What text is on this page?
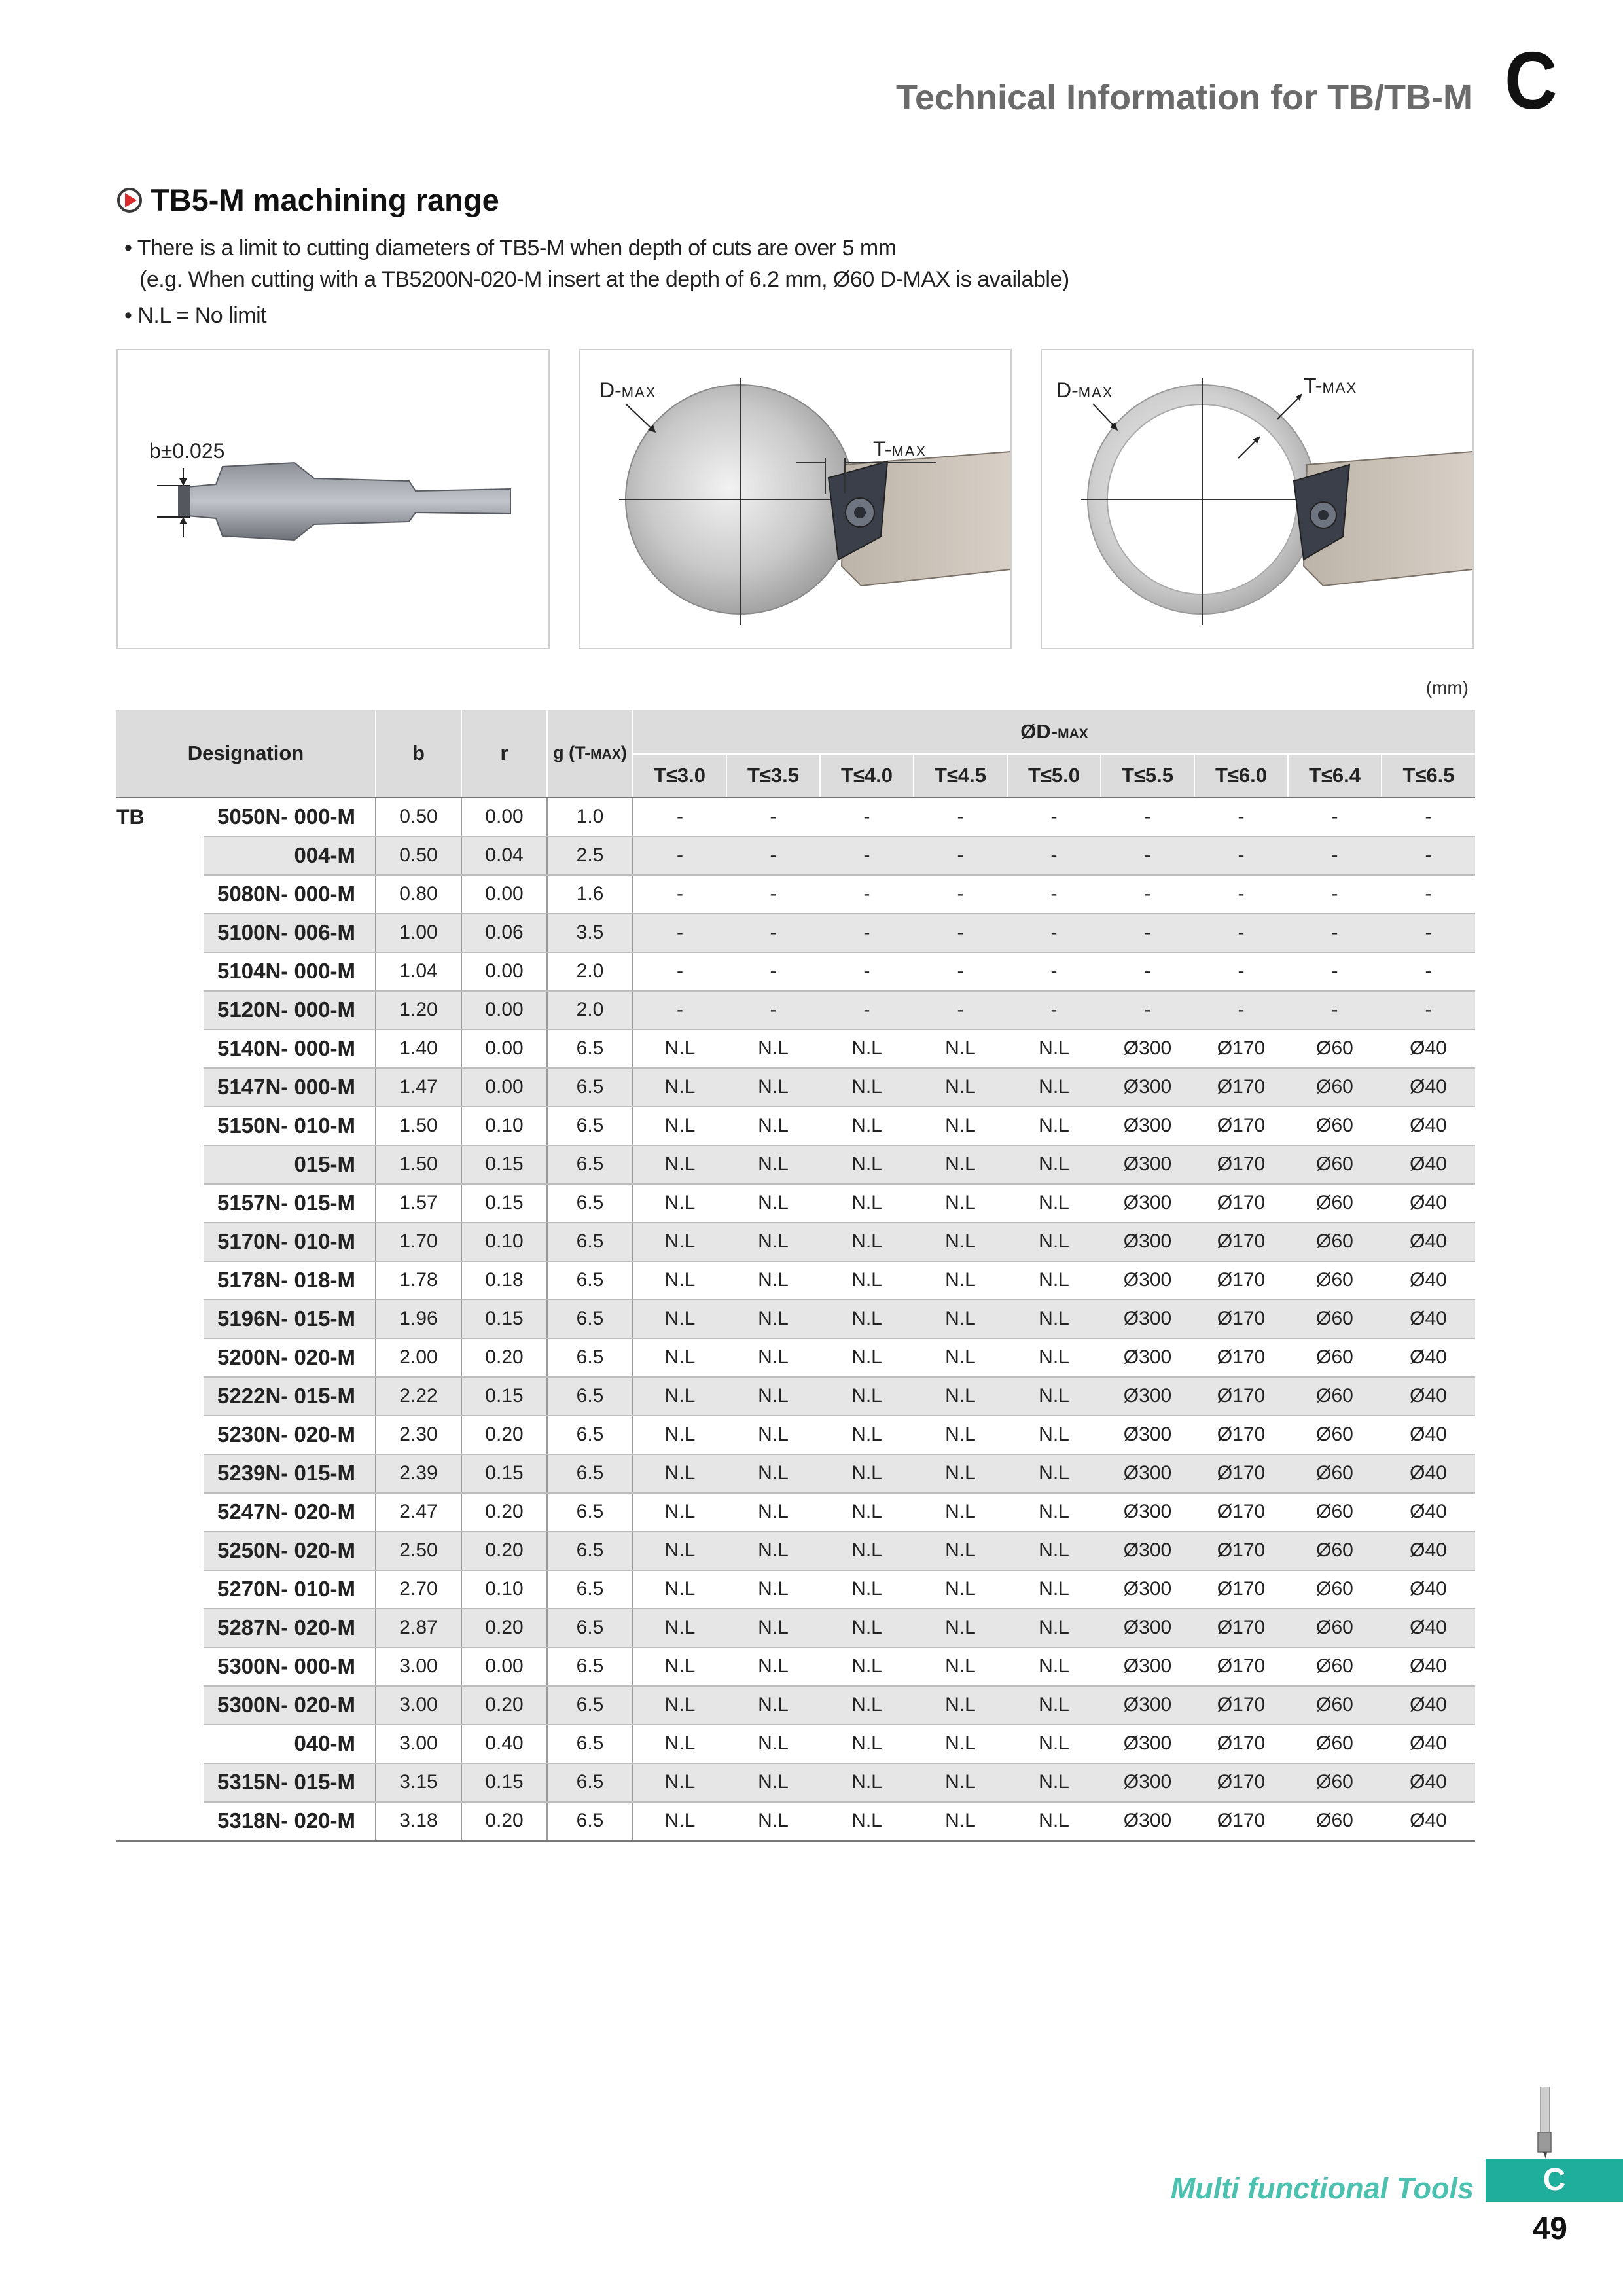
Technical Information for TB/TB-M C
TB5-M machining range
• There is a limit to cutting diameters of TB5-M when depth of cuts are over 5 mm
(e.g. When cutting with a TB5200N-020-M insert at the depth of 6.2 mm, Ø60 D-MAX is available)
• N.L = No limit
b±0.025
D-MAX
T-MAX
D-MAX	T-MAX
(mm)
Designation		b	r	g (T-MAX)	ØD-MAX								
					T≤3.0	T≤3.5	T≤4.0	T≤4.5	T≤5.0	T≤5.5	T≤6.0	T≤6.4	T≤6.5
TB	5050N- 000-M	0.50	0.00	1.0	-	-	-	-	-	-	-	-	-
	004-M	0.50	0.04	2.5	-	-	-	-	-	-	-	-	-
	5080N- 000-M	0.80	0.00	1.6	-	-	-	-	-	-	-	-	-
	5100N- 006-M	1.00	0.06	3.5	-	-	-	-	-	-	-	-	-
	5104N- 000-M	1.04	0.00	2.0	-	-	-	-	-	-	-	-	-
	5120N- 000-M	1.20	0.00	2.0	-	-	-	-	-	-	-	-	-
	5140N- 000-M	1.40	0.00	6.5	N.L	N.L	N.L	N.L	N.L	Ø300	Ø170	Ø60	Ø40
	5147N- 000-M	1.47	0.00	6.5	N.L	N.L	N.L	N.L	N.L	Ø300	Ø170	Ø60	Ø40
	5150N- 010-M	1.50	0.10	6.5	N.L	N.L	N.L	N.L	N.L	Ø300	Ø170	Ø60	Ø40
	015-M	1.50	0.15	6.5	N.L	N.L	N.L	N.L	N.L	Ø300	Ø170	Ø60	Ø40
	5157N- 015-M	1.57	0.15	6.5	N.L	N.L	N.L	N.L	N.L	Ø300	Ø170	Ø60	Ø40
	5170N- 010-M	1.70	0.10	6.5	N.L	N.L	N.L	N.L	N.L	Ø300	Ø170	Ø60	Ø40
	5178N- 018-M	1.78	0.18	6.5	N.L	N.L	N.L	N.L	N.L	Ø300	Ø170	Ø60	Ø40
	5196N- 015-M	1.96	0.15	6.5	N.L	N.L	N.L	N.L	N.L	Ø300	Ø170	Ø60	Ø40
	5200N- 020-M	2.00	0.20	6.5	N.L	N.L	N.L	N.L	N.L	Ø300	Ø170	Ø60	Ø40
	5222N- 015-M	2.22	0.15	6.5	N.L	N.L	N.L	N.L	N.L	Ø300	Ø170	Ø60	Ø40
	5230N- 020-M	2.30	0.20	6.5	N.L	N.L	N.L	N.L	N.L	Ø300	Ø170	Ø60	Ø40
	5239N- 015-M	2.39	0.15	6.5	N.L	N.L	N.L	N.L	N.L	Ø300	Ø170	Ø60	Ø40
	5247N- 020-M	2.47	0.20	6.5	N.L	N.L	N.L	N.L	N.L	Ø300	Ø170	Ø60	Ø40
	5250N- 020-M	2.50	0.20	6.5	N.L	N.L	N.L	N.L	N.L	Ø300	Ø170	Ø60	Ø40
	5270N- 010-M	2.70	0.10	6.5	N.L	N.L	N.L	N.L	N.L	Ø300	Ø170	Ø60	Ø40
	5287N- 020-M	2.87	0.20	6.5	N.L	N.L	N.L	N.L	N.L	Ø300	Ø170	Ø60	Ø40
	5300N- 000-M	3.00	0.00	6.5	N.L	N.L	N.L	N.L	N.L	Ø300	Ø170	Ø60	Ø40
	5300N- 020-M	3.00	0.20	6.5	N.L	N.L	N.L	N.L	N.L	Ø300	Ø170	Ø60	Ø40
	040-M	3.00	0.40	6.5	N.L	N.L	N.L	N.L	N.L	Ø300	Ø170	Ø60	Ø40
	5315N- 015-M	3.15	0.15	6.5	N.L	N.L	N.L	N.L	N.L	Ø300	Ø170	Ø60	Ø40
	5318N- 020-M	3.18	0.20	6.5	N.L	N.L	N.L	N.L	N.L	Ø300	Ø170	Ø60	Ø40
Multi functional Tools	C
49
